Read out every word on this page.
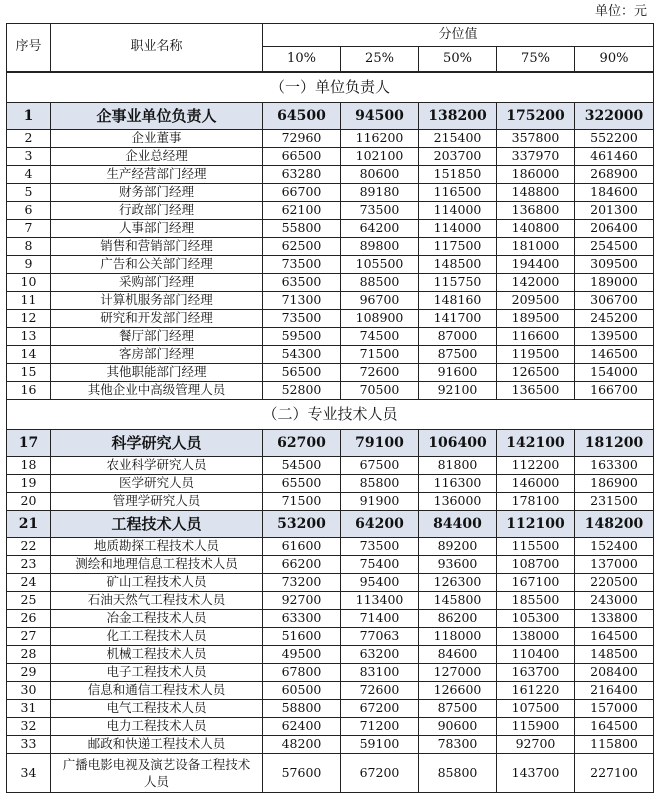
单位：元
序号	职业名称	分位值				
		10%	25%	50%	75%	90%
（一）单位负责人						
1	企事业单位负责人	64500	94500	138200	175200	322000
2	企业董事	72960	116200	215400	357800	552200
3	企业总经理	66500	102100	203700	337970	461460
4	生产经营部门经理	63280	80600	151850	186000	268900
5	财务部门经理	66700	89180	116500	148800	184600
6	行政部门经理	62100	73500	114000	136800	201300
7	人事部门经理	55800	64200	114000	140800	206400
8	销售和营销部门经理	62500	89800	117500	181000	254500
9	广告和公关部门经理	73500	105500	148500	194400	309500
10	采购部门经理	63500	88500	115750	142000	189000
11	计算机服务部门经理	71300	96700	148160	209500	306700
12	研究和开发部门经理	73500	108900	141700	189500	245200
13	餐厅部门经理	59500	74500	87000	116600	139500
14	客房部门经理	54300	71500	87500	119500	146500
15	其他职能部门经理	56500	72600	91600	126500	154000
16	其他企业中高级管理人员	52800	70500	92100	136500	166700
（二）专业技术人员						
17	科学研究人员	62700	79100	106400	142100	181200
18	农业科学研究人员	54500	67500	81800	112200	163300
19	医学研究人员	65500	85800	116300	146000	186900
20	管理学研究人员	71500	91900	136000	178100	231500
21	工程技术人员	53200	64200	84400	112100	148200
22	地质勘探工程技术人员	61600	73500	89200	115500	152400
23	测绘和地理信息工程技术人员	66200	75400	93600	108700	137000
24	矿山工程技术人员	73200	95400	126300	167100	220500
25	石油天然气工程技术人员	92700	113400	145800	185500	243000
26	冶金工程技术人员	63300	71400	86200	105300	133800
27	化工工程技术人员	51600	77063	118000	138000	164500
28	机械工程技术人员	49500	63200	84600	110400	148500
29	电子工程技术人员	67800	83100	127000	163700	208400
30	信息和通信工程技术人员	60500	72600	126600	161220	216400
31	电气工程技术人员	58800	67200	87500	107500	157000
32	电力工程技术人员	62400	71200	90600	115900	164500
33	邮政和快递工程技术人员	48200	59100	78300	92700	115800
34	广播电影电视及演艺设备工程技术人员	57600	67200	85800	143700	227100
